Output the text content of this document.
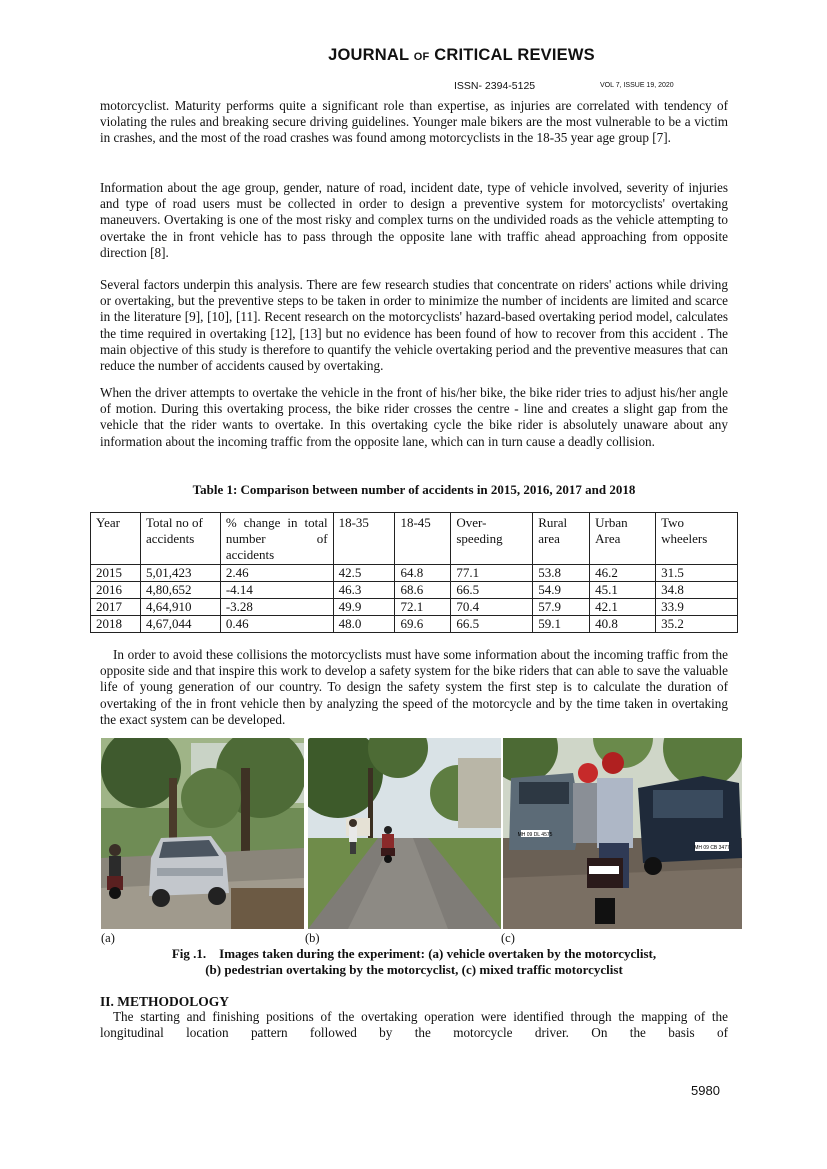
JOURNAL OF CRITICAL REVIEWS
ISSN- 2394-5125	VOL 7, ISSUE 19, 2020

motorcyclist. Maturity performs quite a significant role than expertise, as injuries are correlated with tendency of violating the rules and breaking secure driving guidelines. Younger male bikers are the most vulnerable to be a victim in crashes, and the most of the road crashes was found among motorcyclists in the 18-35 year age group [7].

Information about the age group, gender, nature of road, incident date, type of vehicle involved, severity of injuries and type of road users must be collected in order to design a preventive system for motorcyclists' overtaking maneuvers. Overtaking is one of the most risky and complex turns on the undivided roads as the vehicle attempting to overtake the in front vehicle has to pass through the opposite lane with traffic ahead approaching from opposite direction [8].

Several factors underpin this analysis. There are few research studies that concentrate on riders' actions while driving or overtaking, but the preventive steps to be taken in order to minimize the number of incidents are limited and scarce in the literature [9], [10], [11]. Recent research on the motorcyclists' hazard-based overtaking period model, calculates the time required in overtaking [12], [13] but no evidence has been found of how to recover from this accident . The main objective of this study is therefore to quantify the vehicle overtaking period and the preventive measures that can reduce the number of accidents caused by overtaking.

When the driver attempts to overtake the vehicle in the front of his/her bike, the bike rider tries to adjust his/her angle of motion. During this overtaking process, the bike rider crosses the centre - line and creates a slight gap from the vehicle that the rider wants to overtake. In this overtaking cycle the bike rider is absolutely unaware about any information about the incoming traffic from the opposite lane, which can in turn cause a deadly collision.

Table 1: Comparison between number of accidents in 2015, 2016, 2017 and 2018
Year	Total no of accidents	% change in total number of accidents	18-35	18-45	Over-speeding	Rural area	Urban Area	Two wheelers
2015	5,01,423	2.46	42.5	64.8	77.1	53.8	46.2	31.5
2016	4,80,652	-4.14	46.3	68.6	66.5	54.9	45.1	34.8
2017	4,64,910	-3.28	49.9	72.1	70.4	57.9	42.1	33.9
2018	4,67,044	0.46	48.0	69.6	66.5	59.1	40.8	35.2

In order to avoid these collisions the motorcyclists must have some information about the incoming traffic from the opposite side and that inspire this work to develop a safety system for the bike riders that can able to save the valuable life of young generation of our country. To design the safety system the first step is to calculate the duration of overtaking of the in front vehicle then by analyzing the speed of the motorcycle and by the time taken in overtaking the exact system can be developed.

MH 09 DL 4575
MH 09 CB 3477
(a)	(b)	(c)
Fig .1.    Images taken during the experiment: (a) vehicle overtaken by the motorcyclist,
(b) pedestrian overtaking by the motorcyclist, (c) mixed traffic motorcyclist
II. METHODOLOGY

The starting and finishing positions of the overtaking operation were identified through the mapping of the longitudinal location pattern followed by the motorcycle driver. On the basis of

5980
